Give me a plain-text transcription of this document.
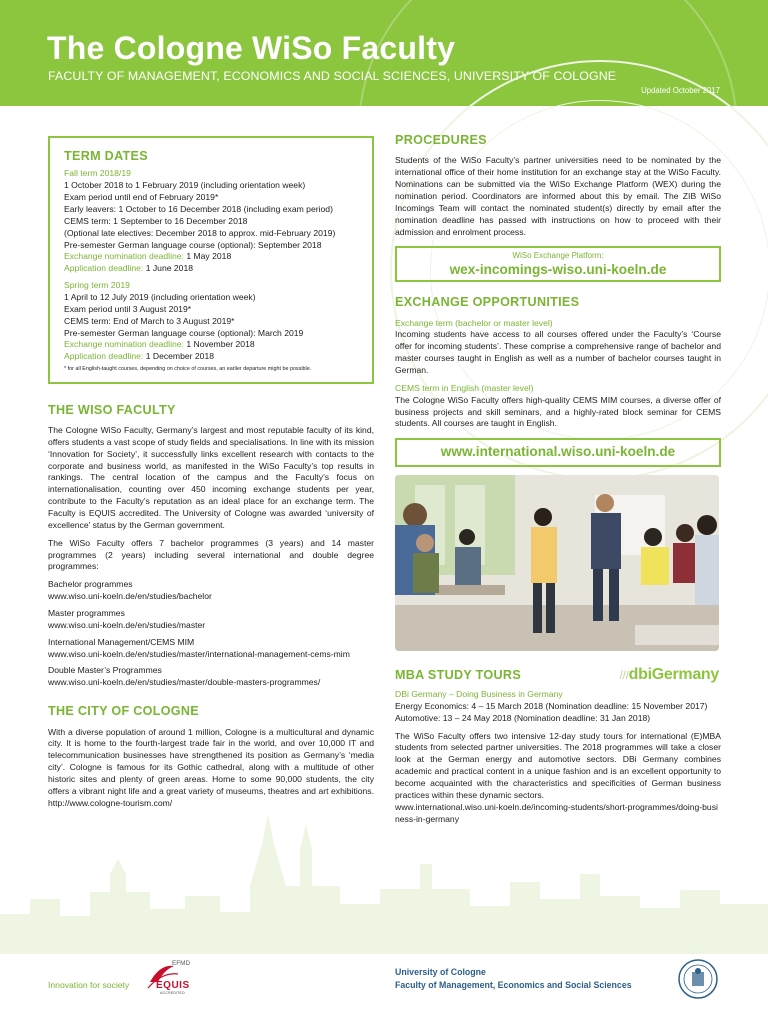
The Cologne WiSo Faculty
FACULTY OF MANAGEMENT, ECONOMICS AND SOCIAL SCIENCES, UNIVERSITY OF COLOGNE
Updated October 2017
TERM DATES
Fall term 2018/19
1 October 2018 to 1 February 2019 (including orientation week)
Exam period until end of February 2019*
Early leavers: 1 October to 16 December 2018 (including exam period)
CEMS term: 1 September to 16 December 2018
(Optional late electives: December 2018 to approx. mid-February 2019)
Pre-semester German language course (optional): September 2018
Exchange nomination deadline: 1 May 2018
Application deadline: 1 June 2018
Spring term 2019
1 April to 12 July 2019 (including orientation week)
Exam period until 3 August 2019*
CEMS term: End of March to 3 August 2019*
Pre-semester German language course (optional): March 2019
Exchange nomination deadline: 1 November 2018
Application deadline: 1 December 2018
* for all English-taught courses, depending on choice of courses, an earlier departure might be possible.
THE WISO FACULTY

The Cologne WiSo Faculty, Germany’s largest and most reputable faculty of its kind, offers students a vast scope of study fields and specialisations. In line with its mission ‘Innovation for Society’, it successfully links excellent research with contacts to the corporate and business world, as manifested in the WiSo Faculty’s top results in rankings. The central location of the campus and the Faculty’s focus on internationalisation, counting over 450 incoming exchange students per year, contribute to the Faculty’s reputation as an ideal place for an exchange term. The Faculty is EQUIS accredited. The University of Cologne was awarded ‘university of excellence’ status by the German government.

The WiSo Faculty offers 7 bachelor programmes (3 years) and 14 master programmes (2 years) including several international and double degree programmes:

Bachelor programmes
www.wiso.uni-koeln.de/en/studies/bachelor
Master programmes
www.wiso.uni-koeln.de/en/studies/master
International Management/CEMS MIM
www.wiso.uni-koeln.de/en/studies/master/international-management-cems-mim
Double Master’s Programmes
www.wiso.uni-koeln.de/en/studies/master/double-masters-programmes/
THE CITY OF COLOGNE

With a diverse population of around 1 million, Cologne is a multicultural and dynamic city. It is home to the fourth-largest trade fair in the world, and over 10,000 IT and telecommunication businesses have strengthened its position as Germany’s ‘media city’. Cologne is famous for its Gothic cathedral, along with a multitude of other historic sites and plenty of green areas. Home to some 90,000 students, the city offers a vibrant night life and a great variety of museums, theatres and art exhibitions. http://www.cologne-tourism.com/

PROCEDURES

Students of the WiSo Faculty’s partner universities need to be nominated by the international office of their home institution for an exchange stay at the WiSo Faculty. Nominations can be submitted via the WiSo Exchange Platform (WEX) during the nomination period. Coordinators are informed about this by email. The ZIB WiSo Incomings Team will contact the nominated student(s) directly by email after the nomination deadline has passed with instructions on how to proceed with their admission and enrolment process.

WiSo Exchange Platform:
wex-incomings-wiso.uni-koeln.de
EXCHANGE OPPORTUNITIES
Exchange term (bachelor or master level)

Incoming students have access to all courses offered under the Faculty’s ‘Course offer for incoming students’. These comprise a comprehensive range of bachelor and master courses taught in English as well as a number of bachelor courses taught in German.

CEMS term in English (master level)

The Cologne WiSo Faculty offers high-quality CEMS MIM courses, a diverse offer of business projects and skill seminars, and a highly-rated block seminar for CEMS students. All courses are taught in English.

www.international.wiso.uni-koeln.de
MBA STUDY TOURS	///dbiGermany
DBi Germany – Doing Business in Germany
Energy Economics: 4 – 15 March 2018 (Nomination deadline: 15 November 2017)
Automotive: 13 – 24 May 2018 (Nomination deadline: 31 Jan 2018)

The WiSo Faculty offers two intensive 12-day study tours for international (E)MBA students from selected partner universities. The 2018 programmes will take a closer look at the German energy and automotive sectors. DBi Germany combines academic and practical content in a unique fashion and is an excellent opportunity to become acquainted with the characteristics and specificities of German business practices within these dynamic sectors.

www.international.wiso.uni-koeln.de/incoming-students/short-programmes/doing-business-in-germany
Innovation for society
EFMD
EQUIS
ACCREDITED
University of Cologne
Faculty of Management, Economics and Social Sciences
